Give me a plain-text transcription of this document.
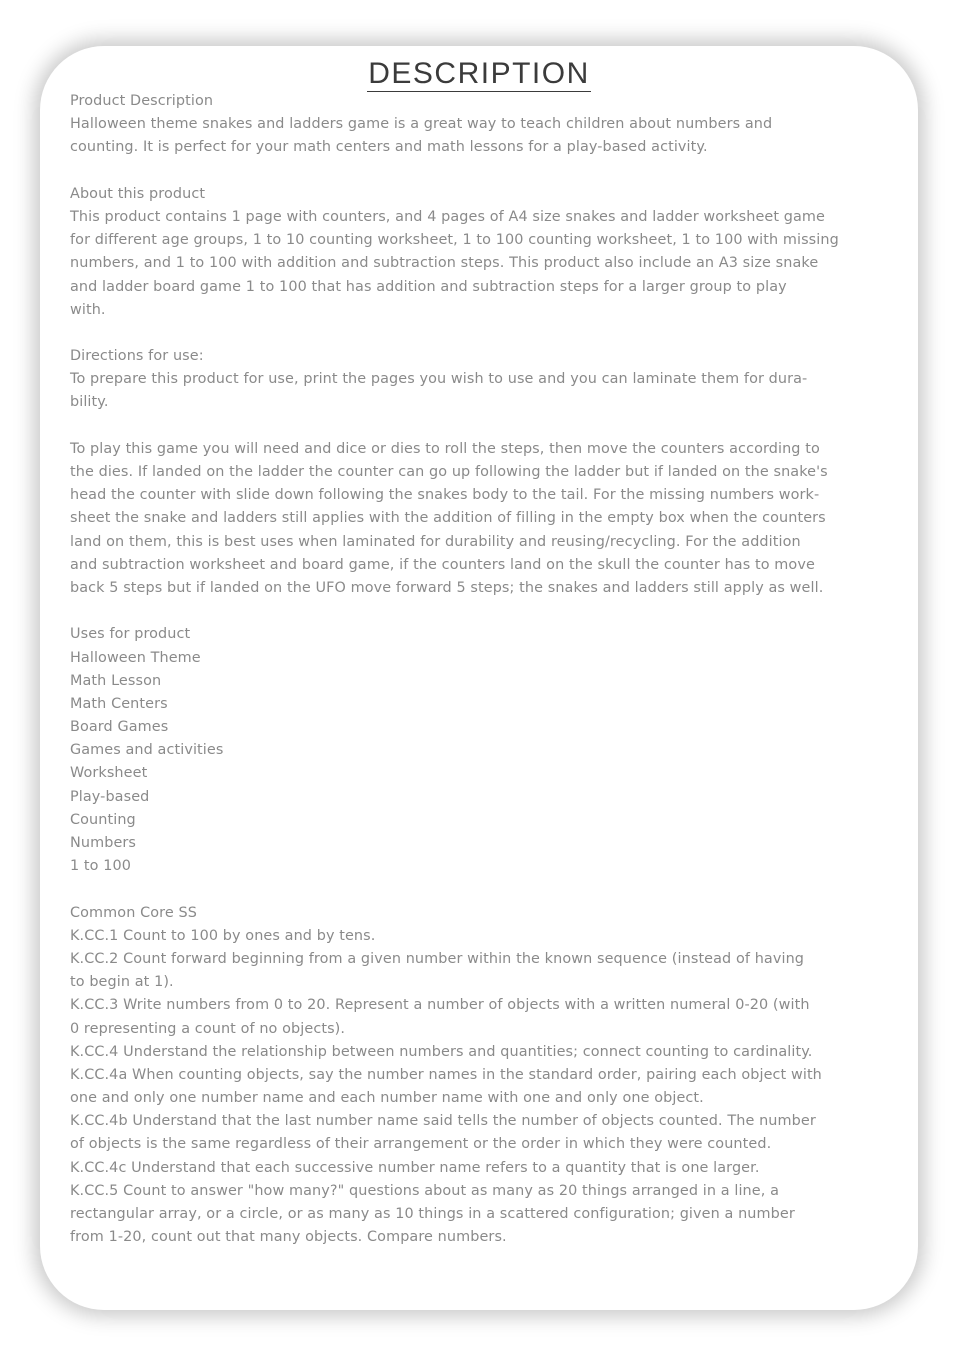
DESCRIPTION
Product Description
Halloween theme snakes and ladders game is a great way to teach children about numbers and
counting. It is perfect for your math centers and math lessons for a play-based activity.
About this product
This product contains 1 page with counters, and 4 pages of A4 size snakes and ladder worksheet game
for different age groups, 1 to 10 counting worksheet, 1 to 100 counting worksheet, 1 to 100 with missing
numbers, and 1 to 100 with addition and subtraction steps. This product also include an A3 size snake
and ladder board game 1 to 100 that has addition and subtraction steps for a larger group to play
with.
Directions for use:
To prepare this product for use, print the pages you wish to use and you can laminate them for dura-
bility.
To play this game you will need and dice or dies to roll the steps, then move the counters according to
the dies. If landed on the ladder the counter can go up following the ladder but if landed on the snake's
head the counter with slide down following the snakes body to the tail. For the missing numbers work-
sheet the snake and ladders still applies with the addition of filling in the empty box when the counters
land on them, this is best uses when laminated for durability and reusing/recycling. For the addition
and subtraction worksheet and board game, if the counters land on the skull the counter has to move
back 5 steps but if landed on the UFO move forward 5 steps; the snakes and ladders still apply as well.
Uses for product
Halloween Theme
Math Lesson
Math Centers
Board Games
Games and activities
Worksheet
Play-based
Counting
Numbers
1 to 100
Common Core SS
K.CC.1 Count to 100 by ones and by tens.
K.CC.2 Count forward beginning from a given number within the known sequence (instead of having
to begin at 1).
K.CC.3 Write numbers from 0 to 20. Represent a number of objects with a written numeral 0-20 (with
0 representing a count of no objects).
K.CC.4 Understand the relationship between numbers and quantities; connect counting to cardinality.
K.CC.4a When counting objects, say the number names in the standard order, pairing each object with
one and only one number name and each number name with one and only one object.
K.CC.4b Understand that the last number name said tells the number of objects counted. The number
of objects is the same regardless of their arrangement or the order in which they were counted.
K.CC.4c Understand that each successive number name refers to a quantity that is one larger.
K.CC.5 Count to answer "how many?" questions about as many as 20 things arranged in a line, a
rectangular array, or a circle, or as many as 10 things in a scattered configuration; given a number
from 1-20, count out that many objects. Compare numbers.
